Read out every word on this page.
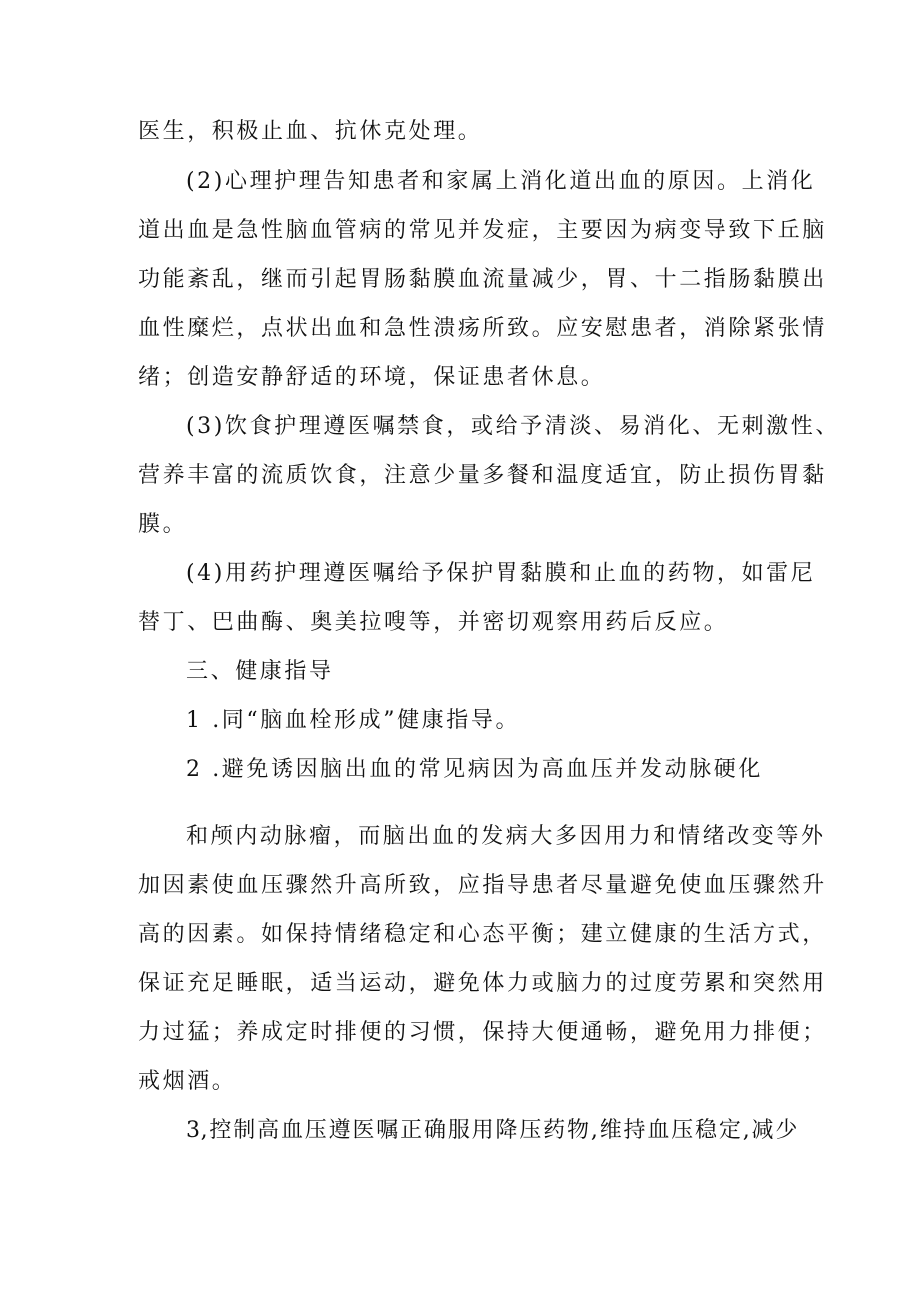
医生，积极止血、抗休克处理。
(2)心理护理告知患者和家属上消化道出血的原因。上消化
道出血是急性脑血管病的常见并发症，主要因为病变导致下丘脑
功能紊乱，继而引起胃肠黏膜血流量减少，胃、十二指肠黏膜出
血性糜烂，点状出血和急性溃疡所致。应安慰患者，消除紧张情
绪；创造安静舒适的环境，保证患者休息。
(3)饮食护理遵医嘱禁食，或给予清淡、易消化、无刺激性、
营养丰富的流质饮食，注意少量多餐和温度适宜，防止损伤胃黏
膜。
(4)用药护理遵医嘱给予保护胃黏膜和止血的药物，如雷尼
替丁、巴曲酶、奥美拉嗖等，并密切观察用药后反应。
三、健康指导
1 .同“脑血栓形成”健康指导。
2 .避免诱因脑出血的常见病因为高血压并发动脉硬化
和颅内动脉瘤，而脑出血的发病大多因用力和情绪改变等外
加因素使血压骤然升高所致，应指导患者尽量避免使血压骤然升
高的因素。如保持情绪稳定和心态平衡；建立健康的生活方式，
保证充足睡眠，适当运动，避免体力或脑力的过度劳累和突然用
力过猛；养成定时排便的习惯，保持大便通畅，避免用力排便；
戒烟酒。
3,控制高血压遵医嘱正确服用降压药物,维持血压稳定,减少
